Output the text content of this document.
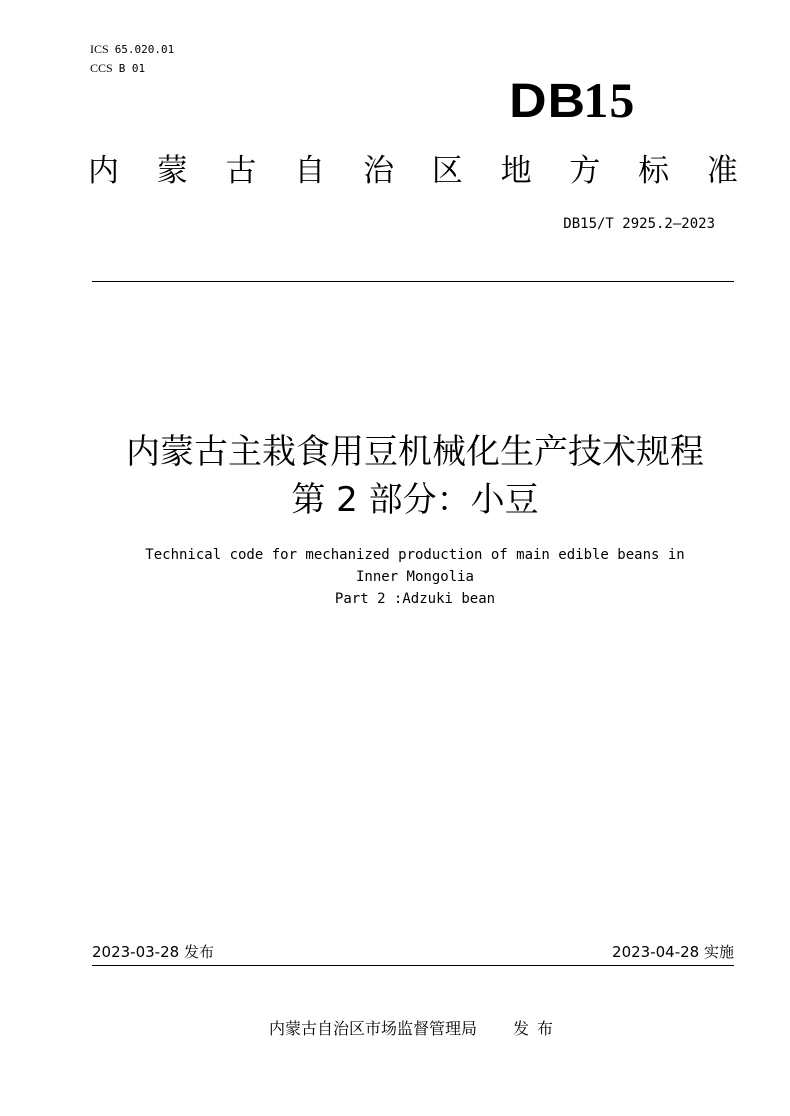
ICS 65.020.01
CCS B 01
DB15
内 蒙 古 自 治 区 地 方 标 准
DB15/T 2925.2—2023
内蒙古主栽食用豆机械化生产技术规程
第 2 部分：小豆
Technical code for mechanized production of main edible beans in
Inner Mongolia
Part 2 :Adzuki bean
2023-03-28 发布	2023-04-28 实施
内蒙古自治区市场监督管理局 发布
